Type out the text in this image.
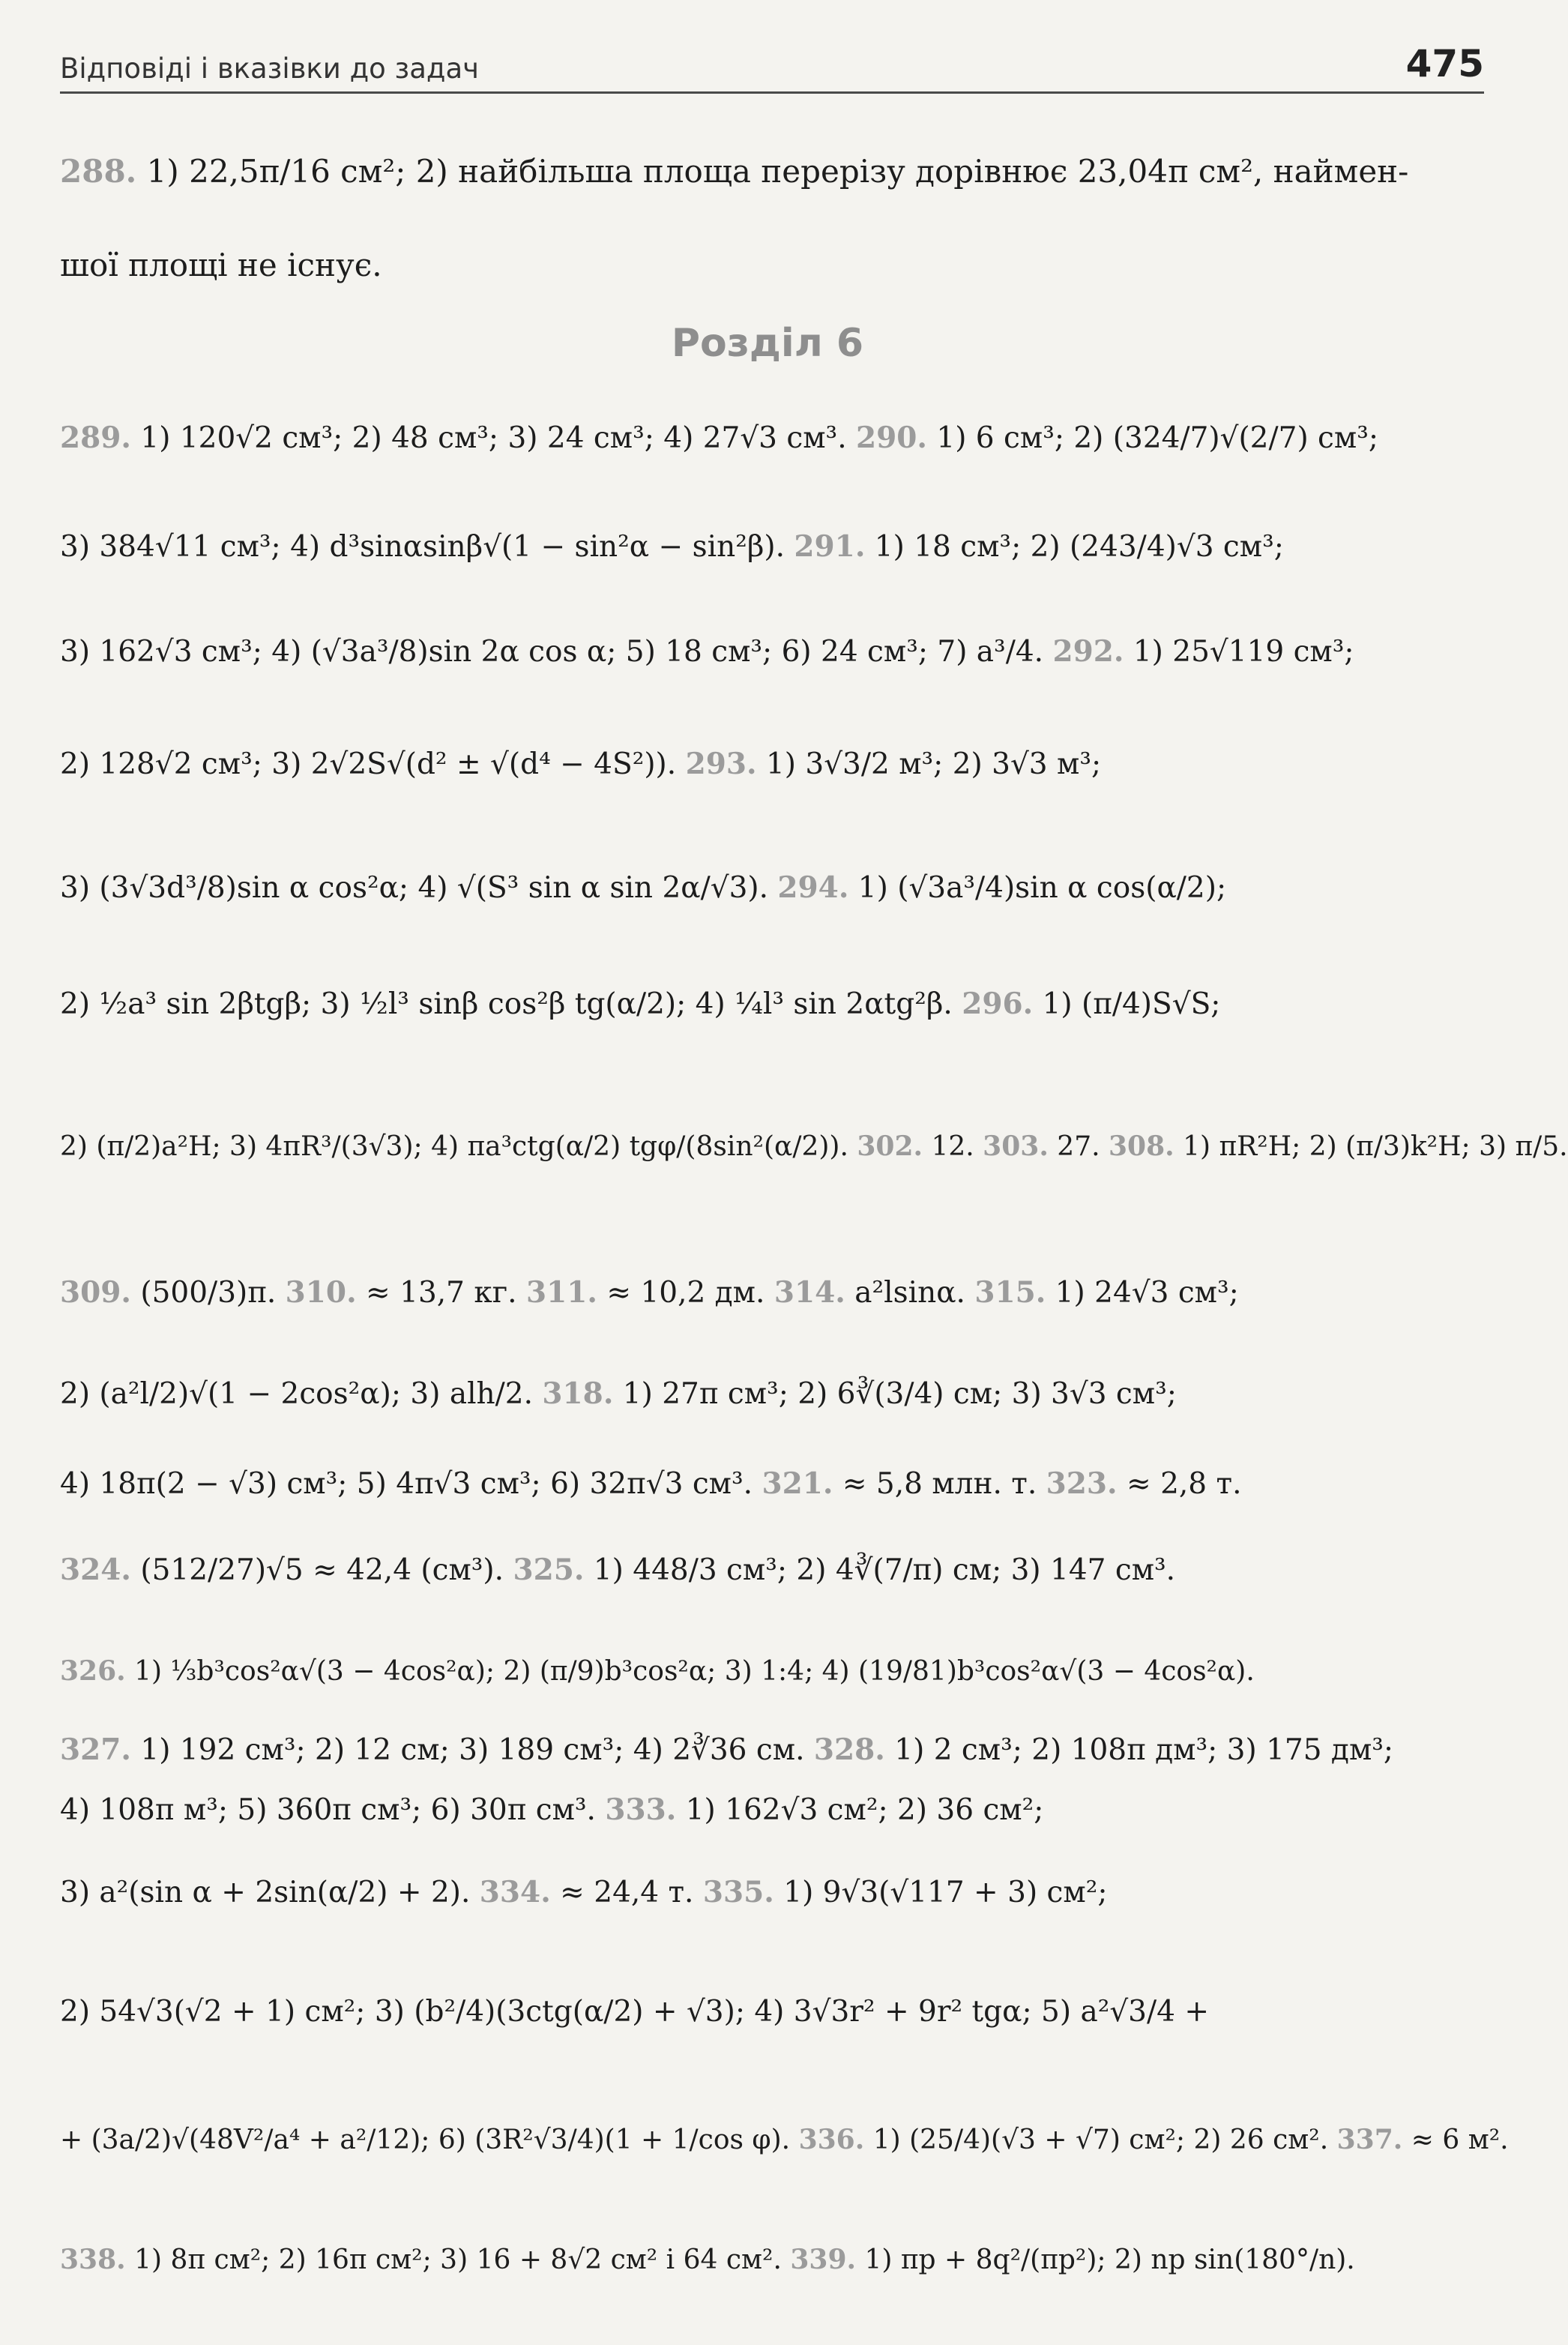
Відповіді і вказівки до задач	475
Розділ 6
288. 1) 22,5π/16 см²; 2) найбільша площа перерізу дорівнює 23,04π см², наймен-
шої площі не існує.
289. 1) 120√2 см³; 2) 48 см³; 3) 24 см³; 4) 27√3 см³. 290. 1) 6 см³; 2) (324/7)√(2/7) см³;
3) 384√11 см³; 4) d³sinαsinβ√(1 − sin²α − sin²β). 291. 1) 18 см³; 2) (243/4)√3 см³;
3) 162√3 см³; 4) (√3a³/8)sin 2α cos α; 5) 18 см³; 6) 24 см³; 7) a³/4. 292. 1) 25√119 см³;
2) 128√2 см³; 3) 2√2S√(d² ± √(d⁴ − 4S²)). 293. 1) 3√3/2 м³; 2) 3√3 м³;
3) (3√3d³/8)sin α cos²α; 4) √(S³ sin α sin 2α/√3). 294. 1) (√3a³/4)sin α cos(α/2);
2) ½a³ sin 2βtgβ; 3) ½l³ sinβ cos²β tg(α/2); 4) ¼l³ sin 2αtg²β. 296. 1) (π/4)S√S;
2) (π/2)a²H; 3) 4πR³/(3√3); 4) πa³ctg(α/2) tgφ/(8sin²(α/2)). 302. 12. 303. 27. 308. 1) πR²H; 2) (π/3)k²H; 3) π/5.
309. (500/3)π. 310. ≈ 13,7 кг. 311. ≈ 10,2 дм. 314. a²lsinα. 315. 1) 24√3 см³;
2) (a²l/2)√(1 − 2cos²α); 3) alh/2. 318. 1) 27π см³; 2) 6∛(3/4) см; 3) 3√3 см³;
4) 18π(2 − √3) см³; 5) 4π√3 см³; 6) 32π√3 см³. 321. ≈ 5,8 млн. т. 323. ≈ 2,8 т.
324. (512/27)√5 ≈ 42,4 (см³). 325. 1) 448/3 см³; 2) 4∛(7/π) см; 3) 147 см³.
326. 1) ⅓b³cos²α√(3 − 4cos²α); 2) (π/9)b³cos²α; 3) 1:4; 4) (19/81)b³cos²α√(3 − 4cos²α).
327. 1) 192 см³; 2) 12 см; 3) 189 см³; 4) 2∛36 см. 328. 1) 2 см³; 2) 108π дм³; 3) 175 дм³;
4) 108π м³; 5) 360π см³; 6) 30π см³. 333. 1) 162√3 см²; 2) 36 см²;
3) a²(sin α + 2sin(α/2) + 2). 334. ≈ 24,4 т. 335. 1) 9√3(√117 + 3) см²;
2) 54√3(√2 + 1) см²; 3) (b²/4)(3ctg(α/2) + √3); 4) 3√3r² + 9r² tgα; 5) a²√3/4 +
+ (3a/2)√(48V²/a⁴ + a²/12); 6) (3R²√3/4)(1 + 1/cos φ). 336. 1) (25/4)(√3 + √7) см²; 2) 26 см². 337. ≈ 6 м².
338. 1) 8π см²; 2) 16π см²; 3) 16 + 8√2 см² і 64 см². 339. 1) πp + 8q²/(πp²); 2) np sin(180°/n).
